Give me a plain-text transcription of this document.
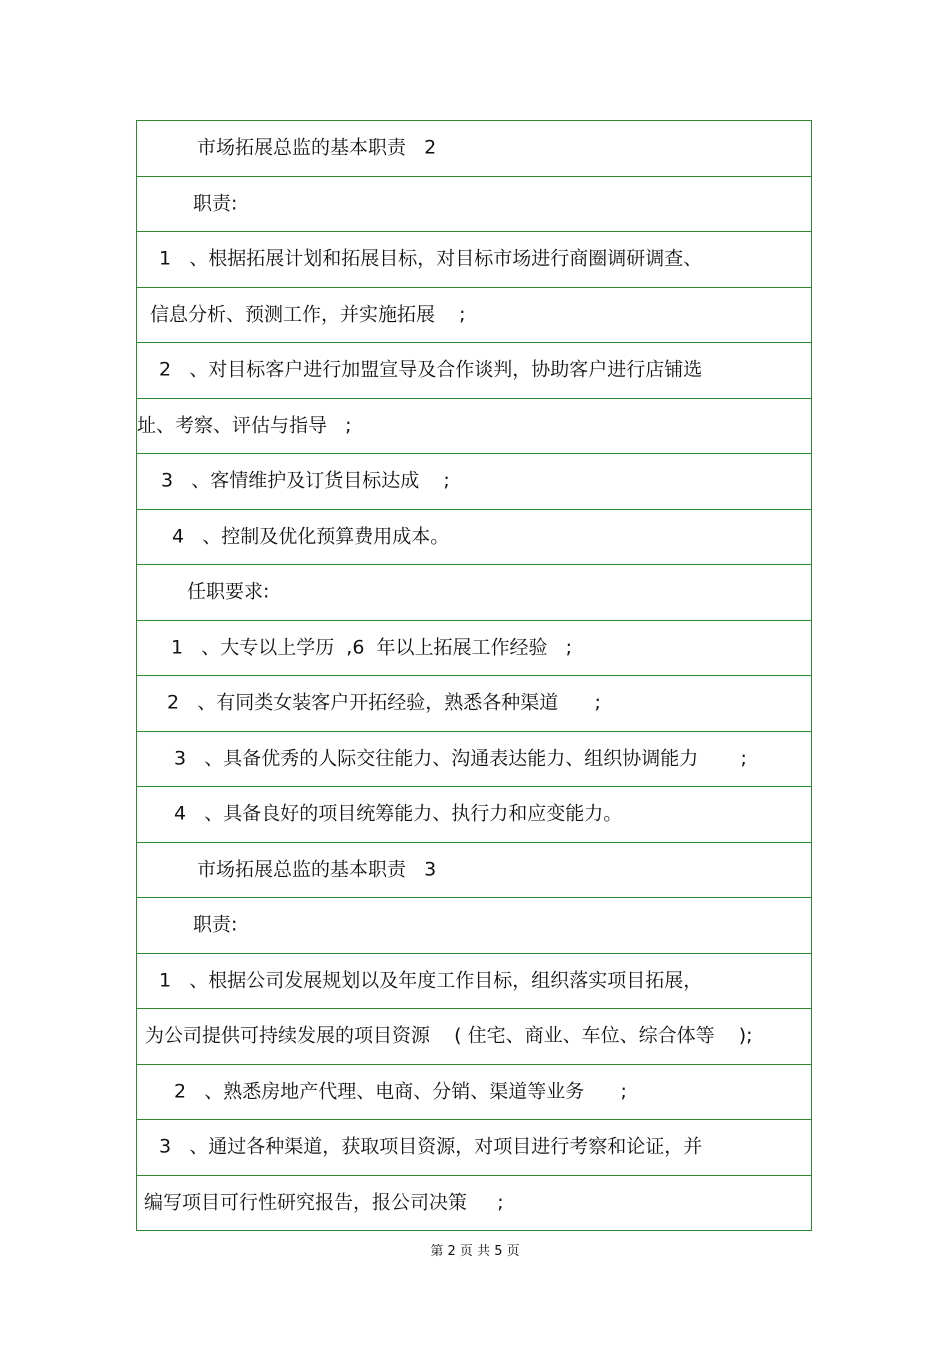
市场拓展总监的基本职责   2
职责:
1   、根据拓展计划和拓展目标，对目标市场进行商圈调研调查、
信息分析、预测工作，并实施拓展    ;
2   、对目标客户进行加盟宣导及合作谈判，协助客户进行店铺选
址、考察、评估与指导   ;
3   、客情维护及订货目标达成    ;
4   、控制及优化预算费用成本。
任职要求:
1   、大专以上学历  ,6  年以上拓展工作经验   ;
2   、有同类女装客户开拓经验，熟悉各种渠道      ;
3   、具备优秀的人际交往能力、沟通表达能力、组织协调能力       ;
4   、具备良好的项目统筹能力、执行力和应变能力。
市场拓展总监的基本职责   3
职责:
1   、根据公司发展规划以及年度工作目标，组织落实项目拓展，
为公司提供可持续发展的项目资源    ( 住宅、商业、车位、综合体等    );
2   、熟悉房地产代理、电商、分销、渠道等业务      ;
3   、通过各种渠道，获取项目资源，对项目进行考察和论证，并
编写项目可行性研究报告，报公司决策     ;
第 2 页 共 5 页
